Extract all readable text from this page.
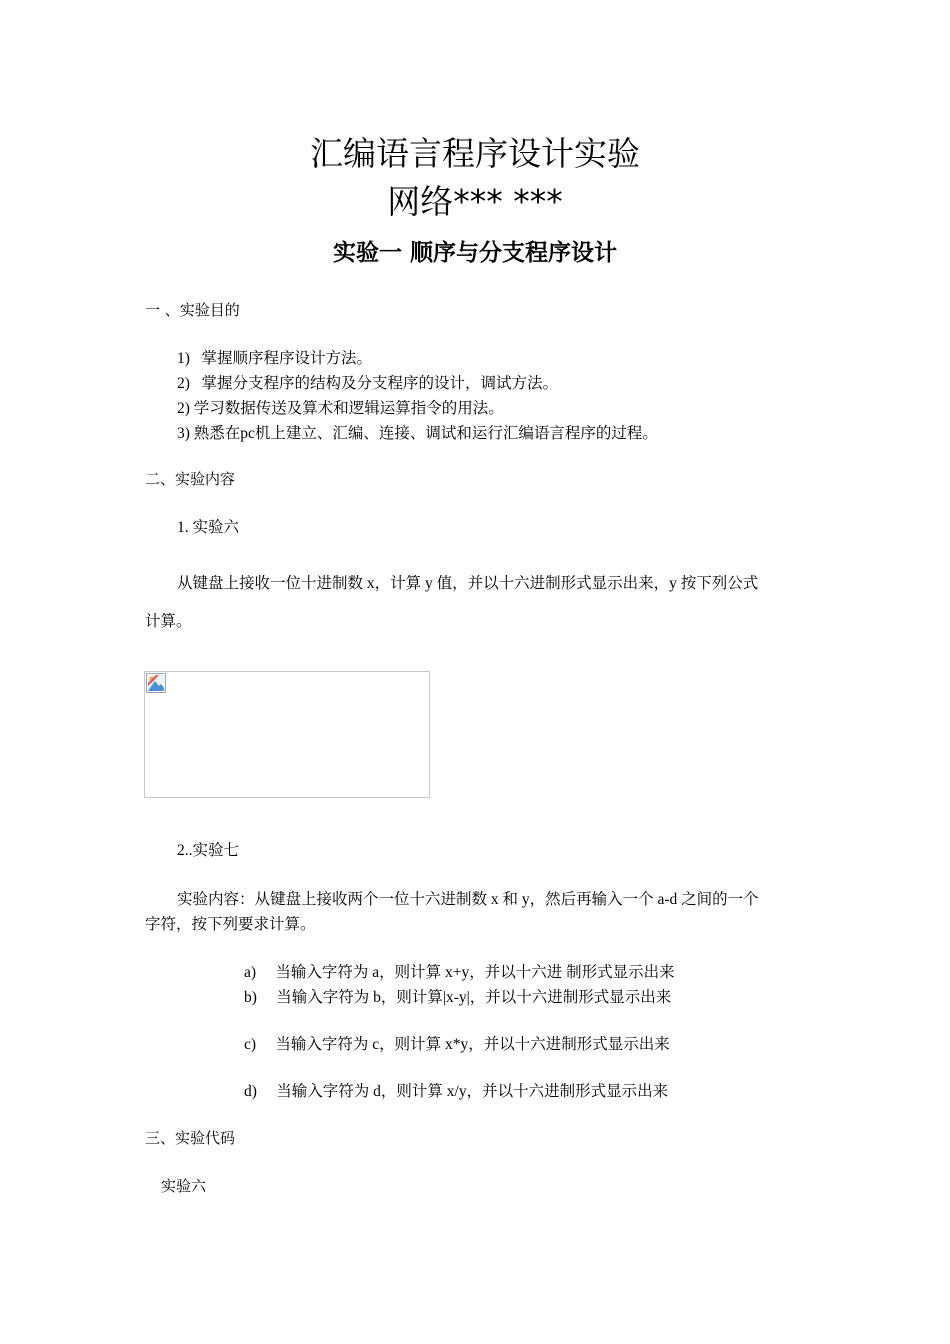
汇编语言程序设计实验
网络*** ***
实验一 顺序与分支程序设计
一 、实验目的
1) 掌握顺序程序设计方法。
2) 掌握分支程序的结构及分支程序的设计，调试方法。
2) 学习数据传送及算术和逻辑运算指令的用法。
3) 熟悉在pc机上建立、汇编、连接、调试和运行汇编语言程序的过程。
二、实验内容
1. 实验六
从键盘上接收一位十进制数 x，计算 y 值，并以十六进制形式显示出来，y 按下列公式
计算。
2..实验七
实验内容：从键盘上接收两个一位十六进制数 x 和 y，然后再输入一个 a-d 之间的一个
字符，按下列要求计算。
a) 当输入字符为 a，则计算 x+y，并以十六进 制形式显示出来
b) 当输入字符为 b，则计算|x-y|，并以十六进制形式显示出来
c) 当输入字符为 c，则计算 x*y，并以十六进制形式显示出来
d) 当输入字符为 d，则计算 x/y，并以十六进制形式显示出来
三、实验代码
实验六
